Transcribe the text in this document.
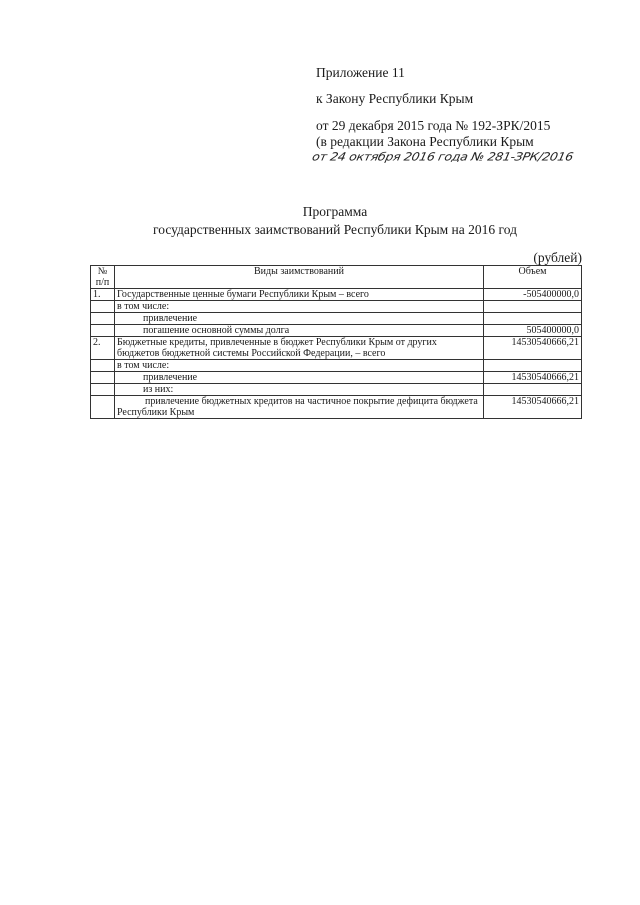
Приложение 11
к Закону Республики Крым
от 29 декабря 2015 года № 192-ЗРК/2015
(в редакции Закона Республики Крым
от 24 октября 2016 года № 281-ЗРК/2016
Программа
государственных заимствований Республики Крым на 2016 год
(рублей)
№ п/п	Виды заимствований	Объем
1.	Государственные ценные бумаги Республики Крым – всего	-505400000,0
	в том числе:	
	привлечение	
	погашение основной суммы долга	505400000,0
2.	Бюджетные кредиты, привлеченные в бюджет Республики Крым от других бюджетов бюджетной системы Российской Федерации, – всего	14530540666,21
	в том числе:	
	привлечение	14530540666,21
	из них:	
	привлечение бюджетных кредитов на частичное покрытие дефицита бюджета Республики Крым	14530540666,21
